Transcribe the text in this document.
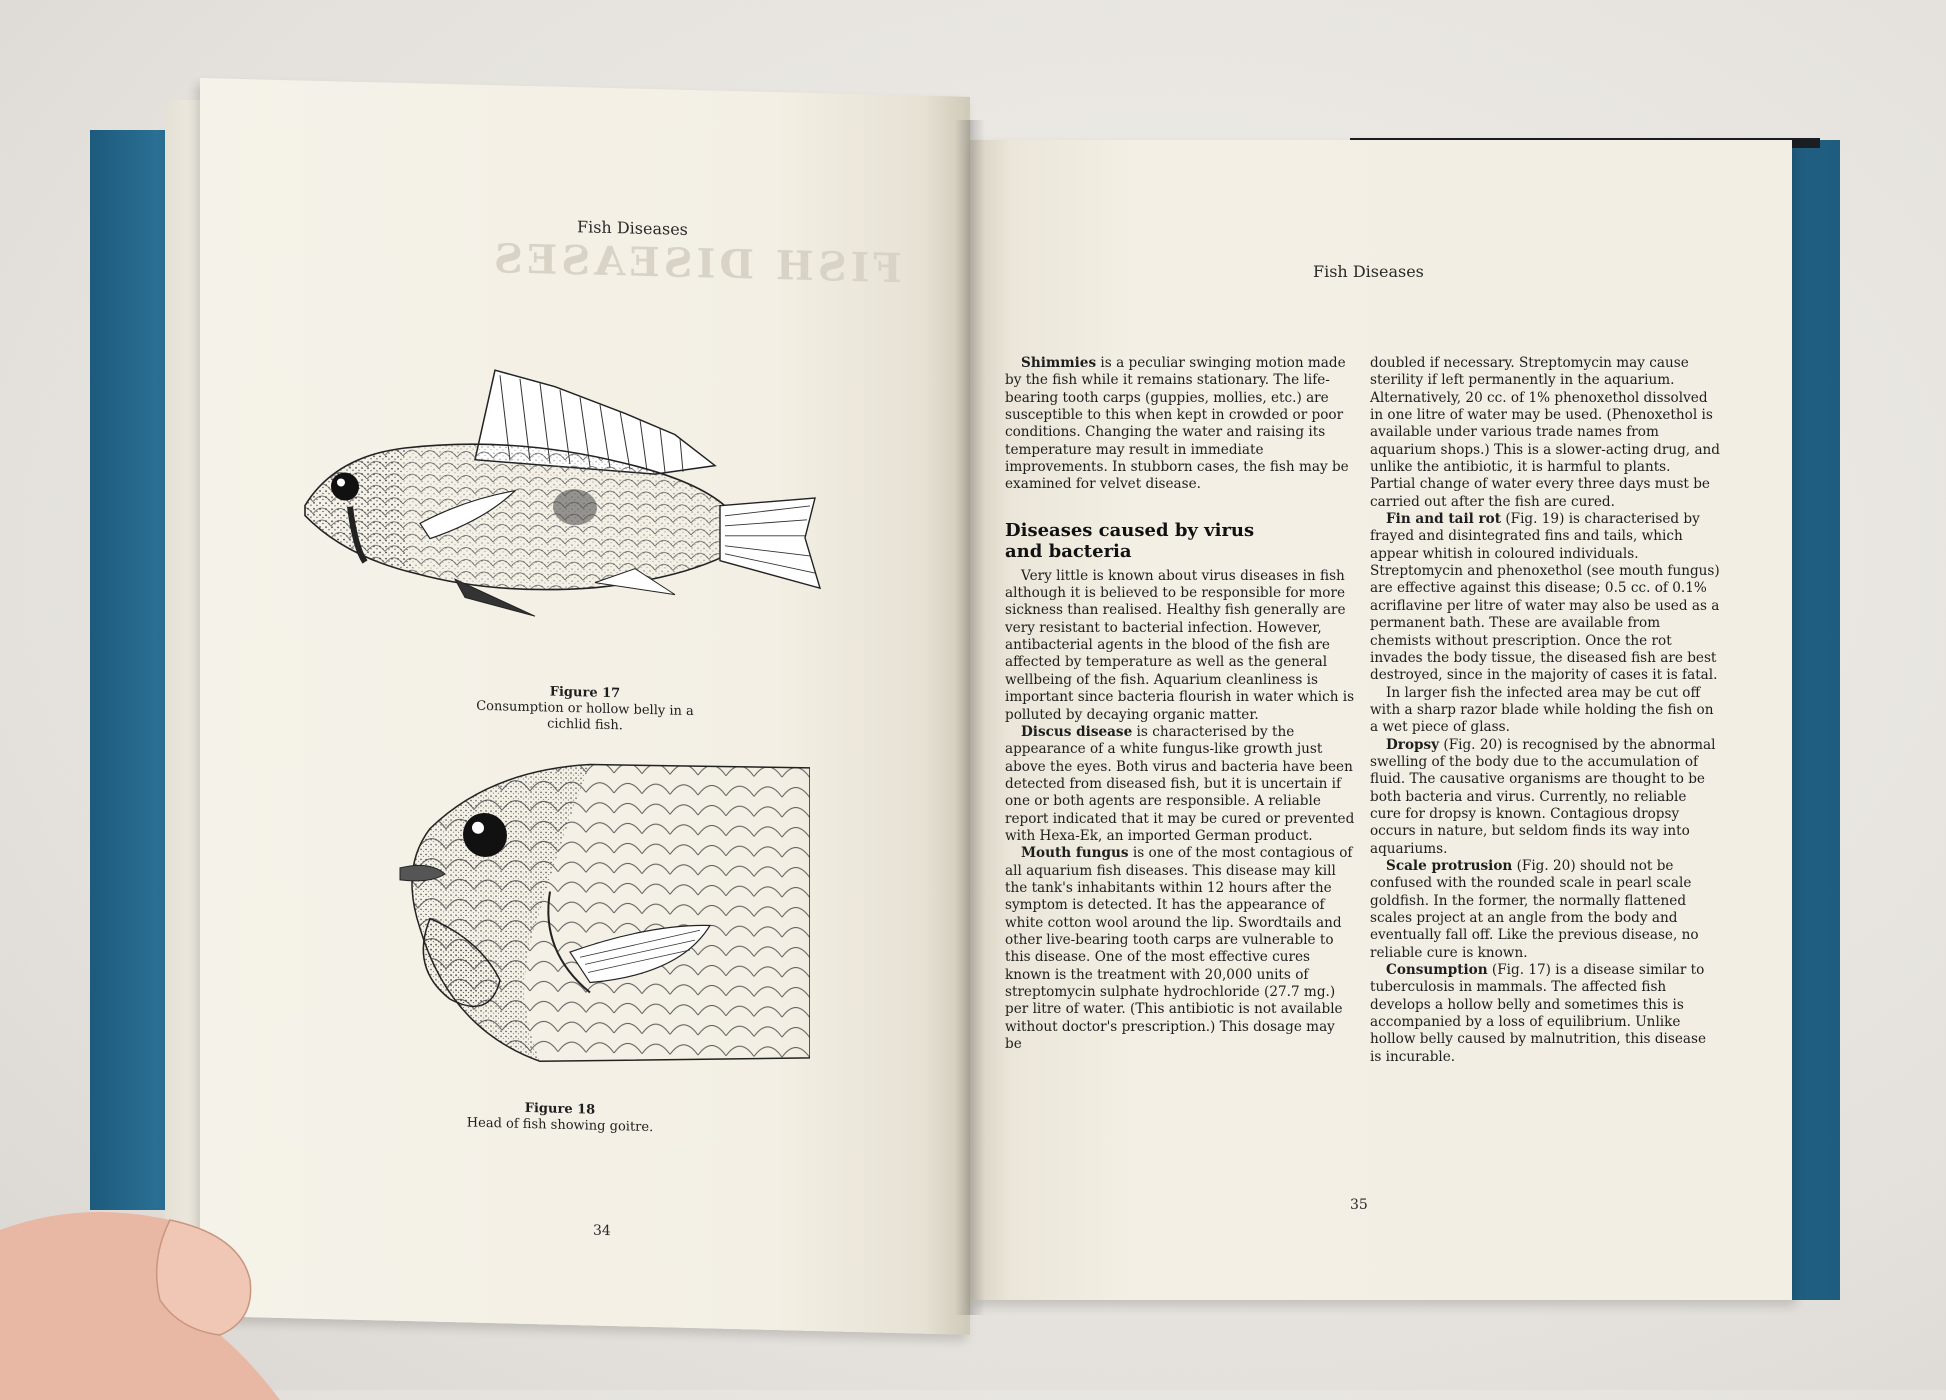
Fish Diseases
FISH DISEASES
Figure 17
Consumption or hollow belly in a
cichlid fish.
Figure 18
Head of fish showing goitre.
34
Fish Diseases

Shimmies is a peculiar swinging motion made by the fish while it remains stationary. The life-bearing tooth carps (guppies, mollies, etc.) are susceptible to this when kept in crowded or poor conditions. Changing the water and raising its temperature may result in immediate improvements. In stubborn cases, the fish may be examined for velvet disease.

Diseases caused by virus
and bacteria

Very little is known about virus diseases in fish although it is believed to be responsible for more sickness than realised. Healthy fish generally are very resistant to bacterial infection. However, antibacterial agents in the blood of the fish are affected by temperature as well as the general wellbeing of the fish. Aquarium cleanliness is important since bacteria flourish in water which is polluted by decaying organic matter.

Discus disease is characterised by the appearance of a white fungus-like growth just above the eyes. Both virus and bacteria have been detected from diseased fish, but it is uncertain if one or both agents are responsible. A reliable report indicated that it may be cured or prevented with Hexa-Ek, an imported German product.

Mouth fungus is one of the most contagious of all aquarium fish diseases. This disease may kill the tank's inhabitants within 12 hours after the symptom is detected. It has the appearance of white cotton wool around the lip. Swordtails and other live-bearing tooth carps are vulnerable to this disease. One of the most effective cures known is the treatment with 20,000 units of streptomycin sulphate hydrochloride (27.7 mg.) per litre of water. (This antibiotic is not available without doctor's prescription.) This dosage may be

doubled if necessary. Streptomycin may cause sterility if left permanently in the aquarium. Alternatively, 20 cc. of 1% phenoxethol dissolved in one litre of water may be used. (Phenoxethol is available under various trade names from aquarium shops.) This is a slower-acting drug, and unlike the antibiotic, it is harmful to plants. Partial change of water every three days must be carried out after the fish are cured.

Fin and tail rot (Fig. 19) is characterised by frayed and disintegrated fins and tails, which appear whitish in coloured individuals. Streptomycin and phenoxethol (see mouth fungus) are effective against this disease; 0.5 cc. of 0.1% acriflavine per litre of water may also be used as a permanent bath. These are available from chemists without prescription. Once the rot invades the body tissue, the diseased fish are best destroyed, since in the majority of cases it is fatal.

In larger fish the infected area may be cut off with a sharp razor blade while holding the fish on a wet piece of glass.

Dropsy (Fig. 20) is recognised by the abnormal swelling of the body due to the accumulation of fluid. The causative organisms are thought to be both bacteria and virus. Currently, no reliable cure for dropsy is known. Contagious dropsy occurs in nature, but seldom finds its way into aquariums.

Scale protrusion (Fig. 20) should not be confused with the rounded scale in pearl scale goldfish. In the former, the normally flattened scales project at an angle from the body and eventually fall off. Like the previous disease, no reliable cure is known.

Consumption (Fig. 17) is a disease similar to tuberculosis in mammals. The affected fish develops a hollow belly and sometimes this is accompanied by a loss of equilibrium. Unlike hollow belly caused by malnutrition, this disease is incurable.

35
